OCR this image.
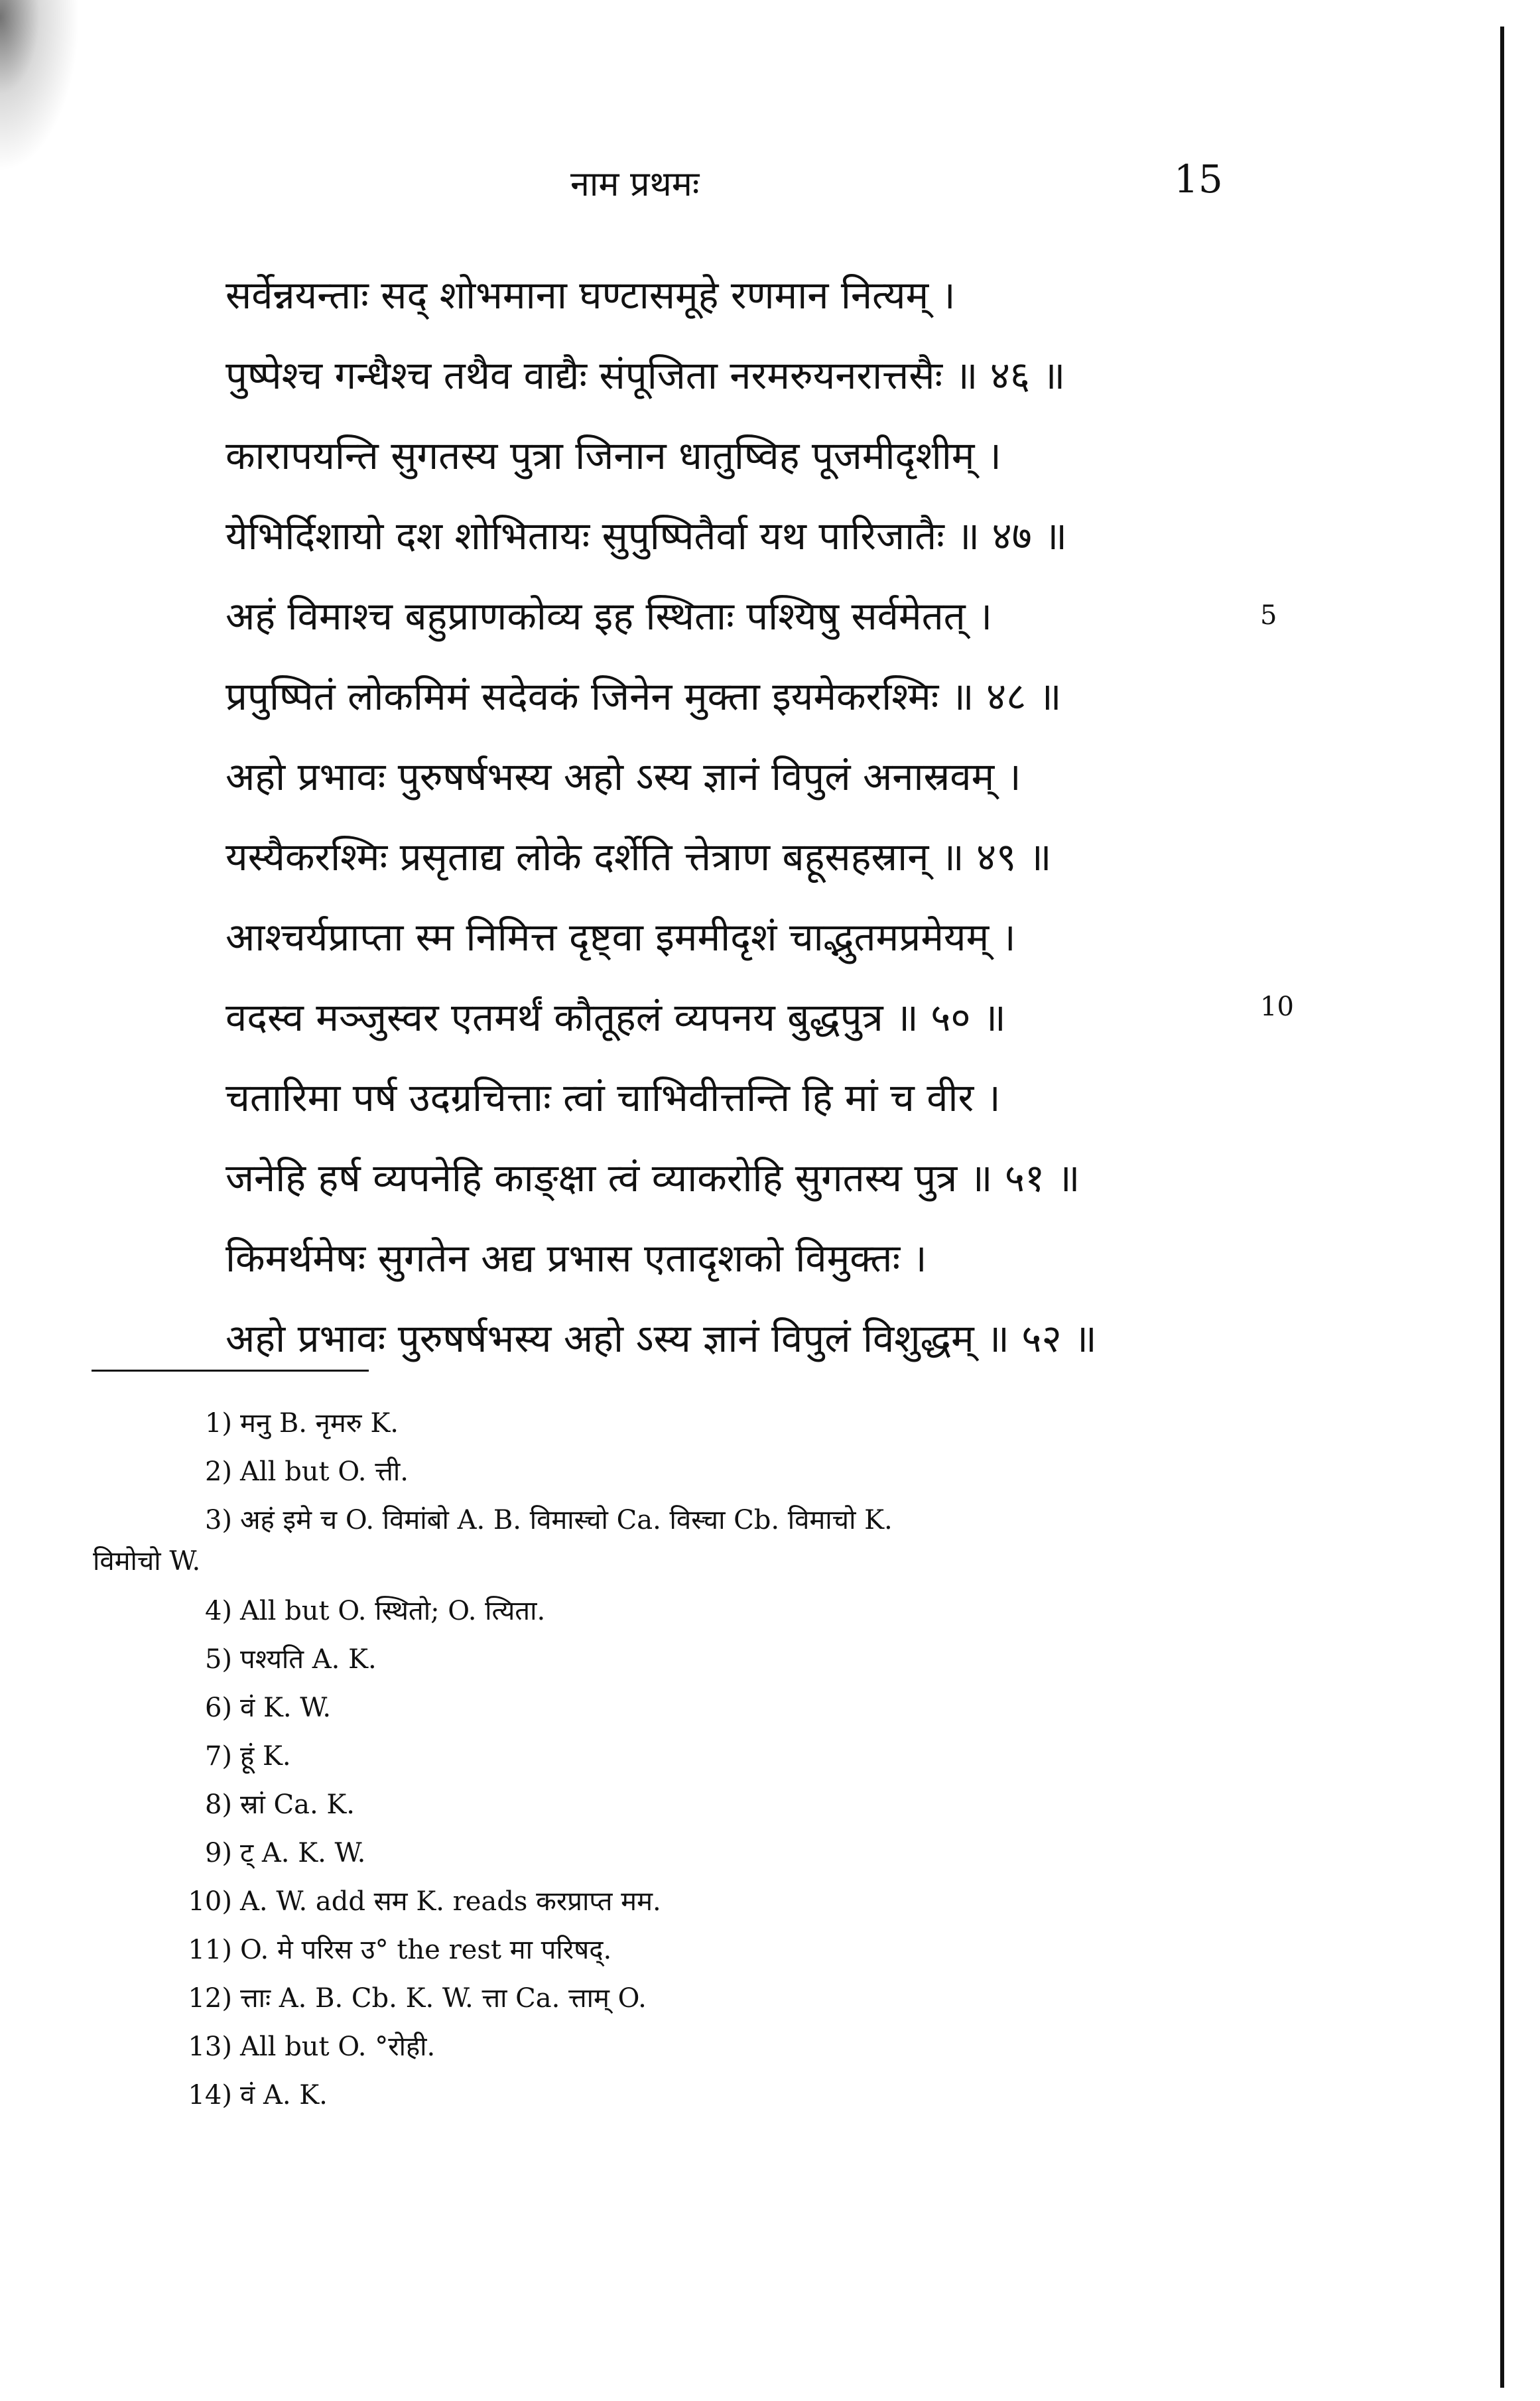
नाम प्रथमः	15
सर्वेन्नयन्ताः सद् शोभमाना घण्टासमूहे रणमान नित्यम् ।
पुष्पेश्च गन्धैश्च तथैव वाद्यैः संपूजिता नरमरुयनरात्तसैः ॥ ४६ ॥
कारापयन्ति सुगतस्य पुत्रा जिनान धातुष्विह पूजमीदृशीम् ।
येभिर्दिशायो दश शोभितायः सुपुष्पितैर्वा यथ पारिजातैः ॥ ४७ ॥
अहं विमाश्च बहुप्राणकोव्य इह स्थिताः पश्यिषु सर्वमेतत् ।
प्रपुष्पितं लोकमिमं सदेवकं जिनेन मुक्ता इयमेकरश्मिः ॥ ४८ ॥
अहो प्रभावः पुरुषर्षभस्य अहो ऽस्य ज्ञानं विपुलं अनास्रवम् ।
यस्यैकरश्मिः प्रसृताद्य लोके दर्शेति त्तेत्राण बहूसहस्रान् ॥ ४९ ॥
आश्चर्यप्राप्ता स्म निमित्त दृष्ट्वा इममीदृशं चाद्भुतमप्रमेयम् ।
वदस्व मञ्जुस्वर एतमर्थं कौतूहलं व्यपनय बुद्धपुत्र ॥ ५० ॥
चतारिमा पर्ष उदग्रचित्ताः त्वां चाभिवीत्तन्ति हि मां च वीर ।
जनेहि हर्ष व्यपनेहि काङ्क्षा त्वं व्याकरोहि सुगतस्य पुत्र ॥ ५१ ॥
किमर्थमेषः सुगतेन अद्य प्रभास एतादृशको विमुक्तः ।
अहो प्रभावः पुरुषर्षभस्य अहो ऽस्य ज्ञानं विपुलं विशुद्धम् ॥ ५२ ॥
5
10
1) मनु B. नृमरु K.
2) All but O. त्ती.
3) अहं इमे च O. विमांबो A. B. विमास्चो Ca. विस्चा Cb. विमाचो K.
विमोचो W.
4) All but O. स्थितो; O. त्यिता.
5) पश्यति A. K.
6) वं K. W.
7) हूं K.
8) स्रां Ca. K.
9) ट् A. K. W.
10) A. W. add सम K. reads करप्राप्त मम.
11) O. मे परिस उ° the rest मा परिषद्.
12) त्ताः A. B. Cb. K. W. त्ता Ca. त्ताम् O.
13) All but O. °रोही.
14) वं A. K.
